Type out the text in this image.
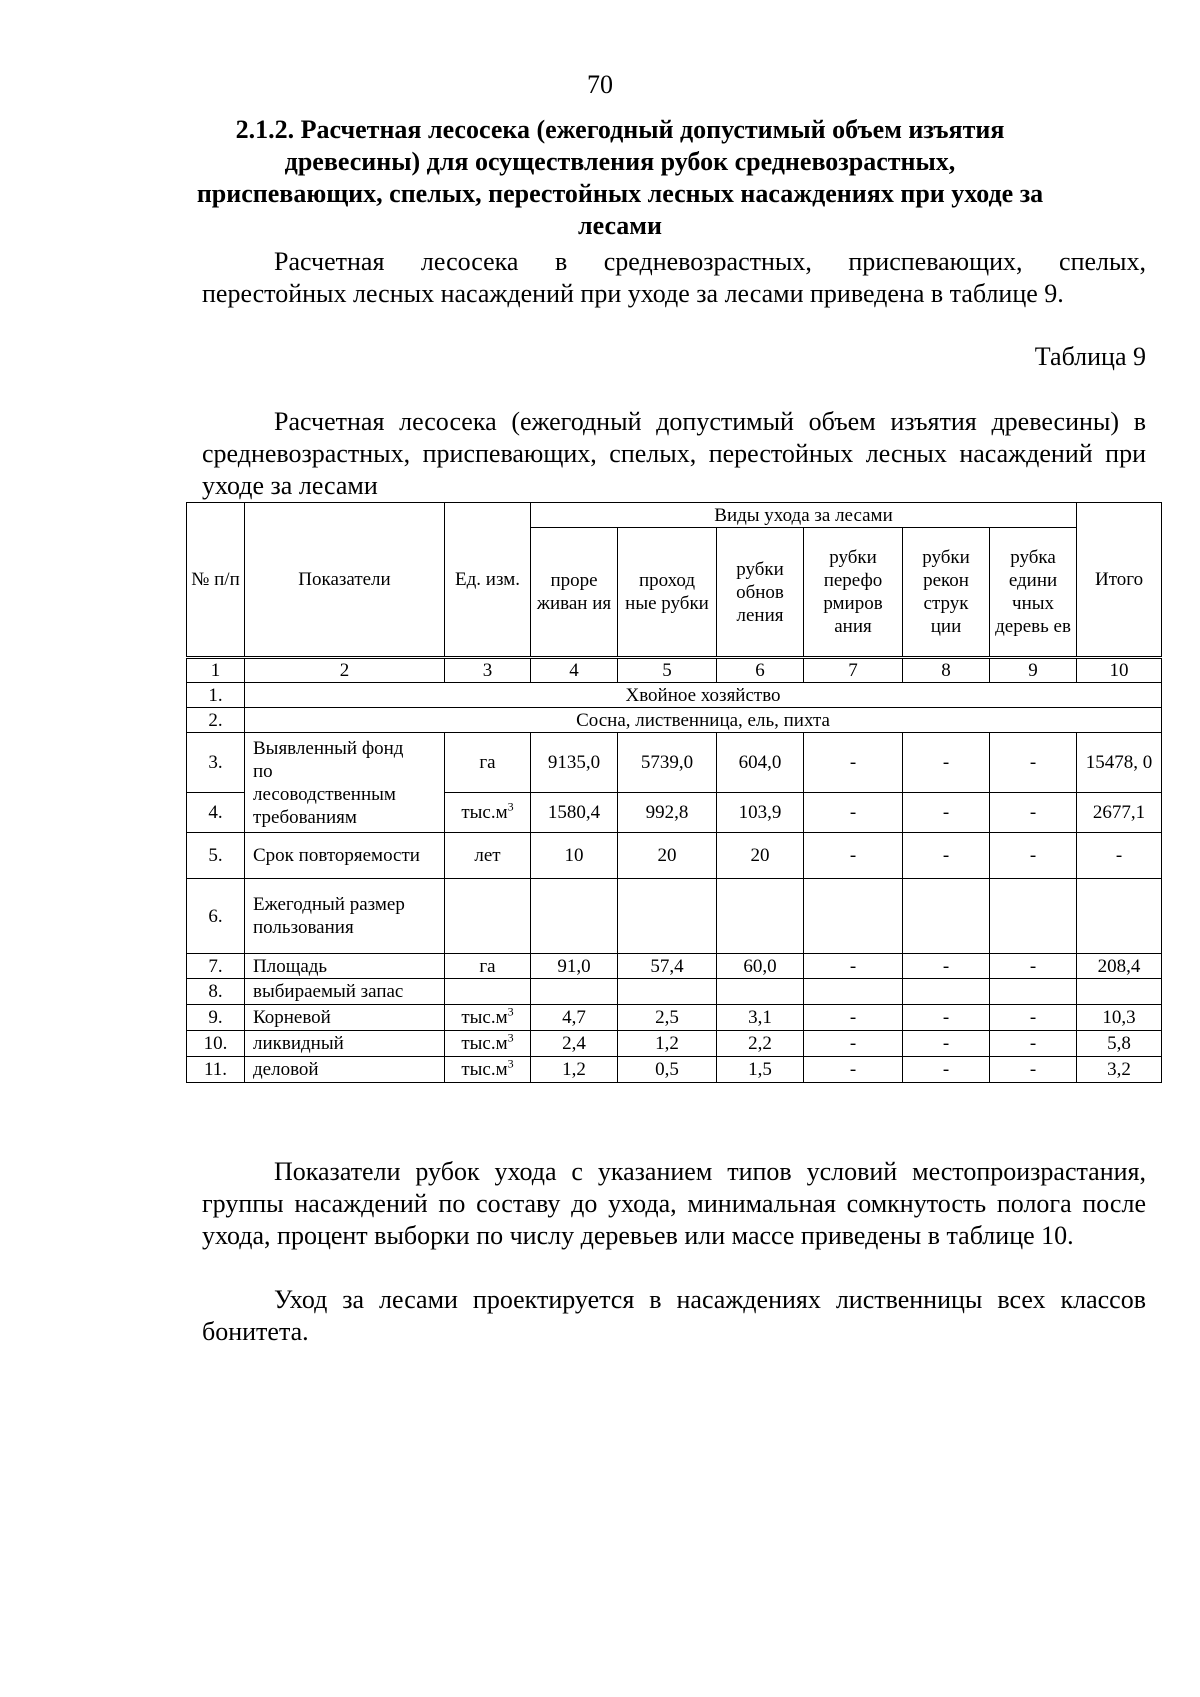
70
2.1.2. Расчетная лесосека (ежегодный допустимый объем изъятия древесины) для осуществления рубок средневозрастных, приспевающих, спелых, перестойных лесных насаждениях при уходе за лесами
Расчетная лесосека в средневозрастных, приспевающих, спелых, перестойных лесных насаждений при уходе за лесами приведена в таблице 9.
Таблица 9
Расчетная лесосека (ежегодный допустимый объем изъятия древесины) в средневозрастных, приспевающих, спелых, перестойных лесных насаждений при уходе за лесами
№ п/п	Показатели	Ед. изм.	Виды ухода за лесами						Итого
			проре живан ия	проход ные рубки	рубки обнов ления	рубки перефо рмиров ания	рубки рекон струк ции	рубка едини чных деревь ев	
1	2	3	4	5	6	7	8	9	10
1.	Хвойное хозяйство								
2.	Сосна, лиственница, ель, пихта								
3.	Выявленный фонд
по
лесоводственным
требованиям	га	9135,0	5739,0	604,0	-	-	-	15478, 0
4.		$тыс.м^3$	1580,4	992,8	103,9	-	-	-	2677,1
5.	Срок повторяемости	лет	10	20	20	-	-	-	-
6.	Ежегодный размер пользования								
7.	Площадь	га	91,0	57,4	60,0	-	-	-	208,4
8.	выбираемый запас								
9.	Корневой	$тыс.м^3$	4,7	2,5	3,1	-	-	-	10,3
10.	ликвидный	$тыс.м^3$	2,4	1,2	2,2	-	-	-	5,8
11.	деловой	$тыс.м^3$	1,2	0,5	1,5	-	-	-	3,2
Показатели рубок ухода с указанием типов условий местопроизрастания, группы насаждений по составу до ухода, минимальная сомкнутость полога после ухода, процент выборки по числу деревьев или массе приведены в таблице 10.
Уход за лесами проектируется в насаждениях лиственницы всех классов бонитета.
